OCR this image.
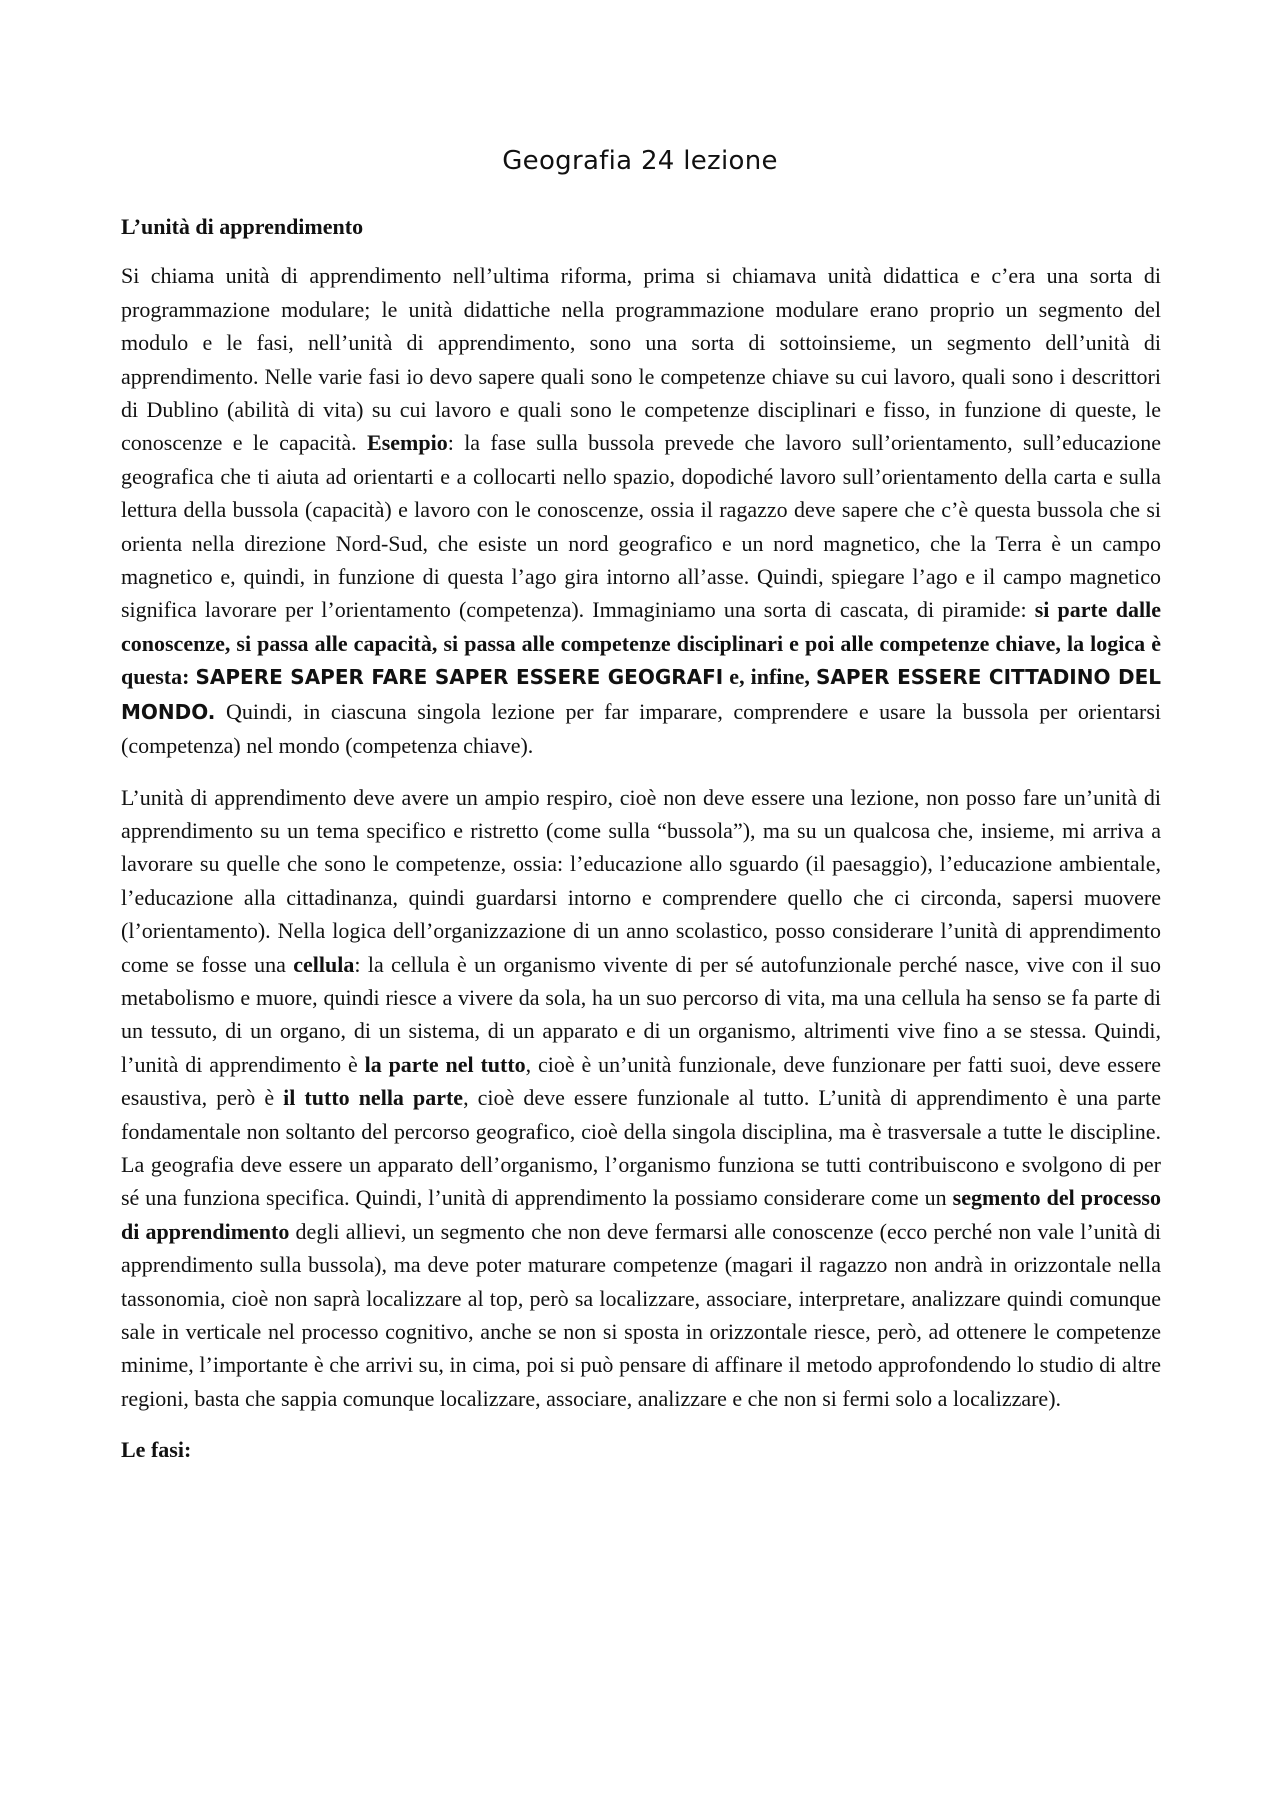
Geografia 24 lezione
L’unità di apprendimento

Si chiama unità di apprendimento nell’ultima riforma, prima si chiamava unità didattica e c’era una sorta di programmazione modulare; le unità didattiche nella programmazione modulare erano proprio un segmento del modulo e le fasi, nell’unità di apprendimento, sono una sorta di sottoinsieme, un segmento dell’unità di apprendimento. Nelle varie fasi io devo sapere quali sono le competenze chiave su cui lavoro, quali sono i descrittori di Dublino (abilità di vita) su cui lavoro e quali sono le competenze disciplinari e fisso, in funzione di queste, le conoscenze e le capacità. Esempio: la fase sulla bussola prevede che lavoro sull’orientamento, sull’educazione geografica che ti aiuta ad orientarti e a collocarti nello spazio, dopodiché lavoro sull’orientamento della carta e sulla lettura della bussola (capacità) e lavoro con le conoscenze, ossia il ragazzo deve sapere che c’è questa bussola che si orienta nella direzione Nord-Sud, che esiste un nord geografico e un nord magnetico, che la Terra è un campo magnetico e, quindi, in funzione di questa l’ago gira intorno all’asse. Quindi, spiegare l’ago e il campo magnetico significa lavorare per l’orientamento (competenza). Immaginiamo una sorta di cascata, di piramide: si parte dalle conoscenze, si passa alle capacità, si passa alle competenze disciplinari e poi alle competenze chiave, la logica è questa: SAPERE SAPER FARE SAPER ESSERE GEOGRAFI e, infine, SAPER ESSERE CITTADINO DEL MONDO. Quindi, in ciascuna singola lezione per far imparare, comprendere e usare la bussola per orientarsi (competenza) nel mondo (competenza chiave).

L’unità di apprendimento deve avere un ampio respiro, cioè non deve essere una lezione, non posso fare un’unità di apprendimento su un tema specifico e ristretto (come sulla “bussola”), ma su un qualcosa che, insieme, mi arriva a lavorare su quelle che sono le competenze, ossia: l’educazione allo sguardo (il paesaggio), l’educazione ambientale, l’educazione alla cittadinanza, quindi guardarsi intorno e comprendere quello che ci circonda, sapersi muovere (l’orientamento). Nella logica dell’organizzazione di un anno scolastico, posso considerare l’unità di apprendimento come se fosse una cellula: la cellula è un organismo vivente di per sé autofunzionale perché nasce, vive con il suo metabolismo e muore, quindi riesce a vivere da sola, ha un suo percorso di vita, ma una cellula ha senso se fa parte di un tessuto, di un organo, di un sistema, di un apparato e di un organismo, altrimenti vive fino a se stessa. Quindi, l’unità di apprendimento è la parte nel tutto, cioè è un’unità funzionale, deve funzionare per fatti suoi, deve essere esaustiva, però è il tutto nella parte, cioè deve essere funzionale al tutto. L’unità di apprendimento è una parte fondamentale non soltanto del percorso geografico, cioè della singola disciplina, ma è trasversale a tutte le discipline. La geografia deve essere un apparato dell’organismo, l’organismo funziona se tutti contribuiscono e svolgono di per sé una funziona specifica. Quindi, l’unità di apprendimento la possiamo considerare come un segmento del processo di apprendimento degli allievi, un segmento che non deve fermarsi alle conoscenze (ecco perché non vale l’unità di apprendimento sulla bussola), ma deve poter maturare competenze (magari il ragazzo non andrà in orizzontale nella tassonomia, cioè non saprà localizzare al top, però sa localizzare, associare, interpretare, analizzare quindi comunque sale in verticale nel processo cognitivo, anche se non si sposta in orizzontale riesce, però, ad ottenere le competenze minime, l’importante è che arrivi su, in cima, poi si può pensare di affinare il metodo approfondendo lo studio di altre regioni, basta che sappia comunque localizzare, associare, analizzare e che non si fermi solo a localizzare).

Le fasi:
